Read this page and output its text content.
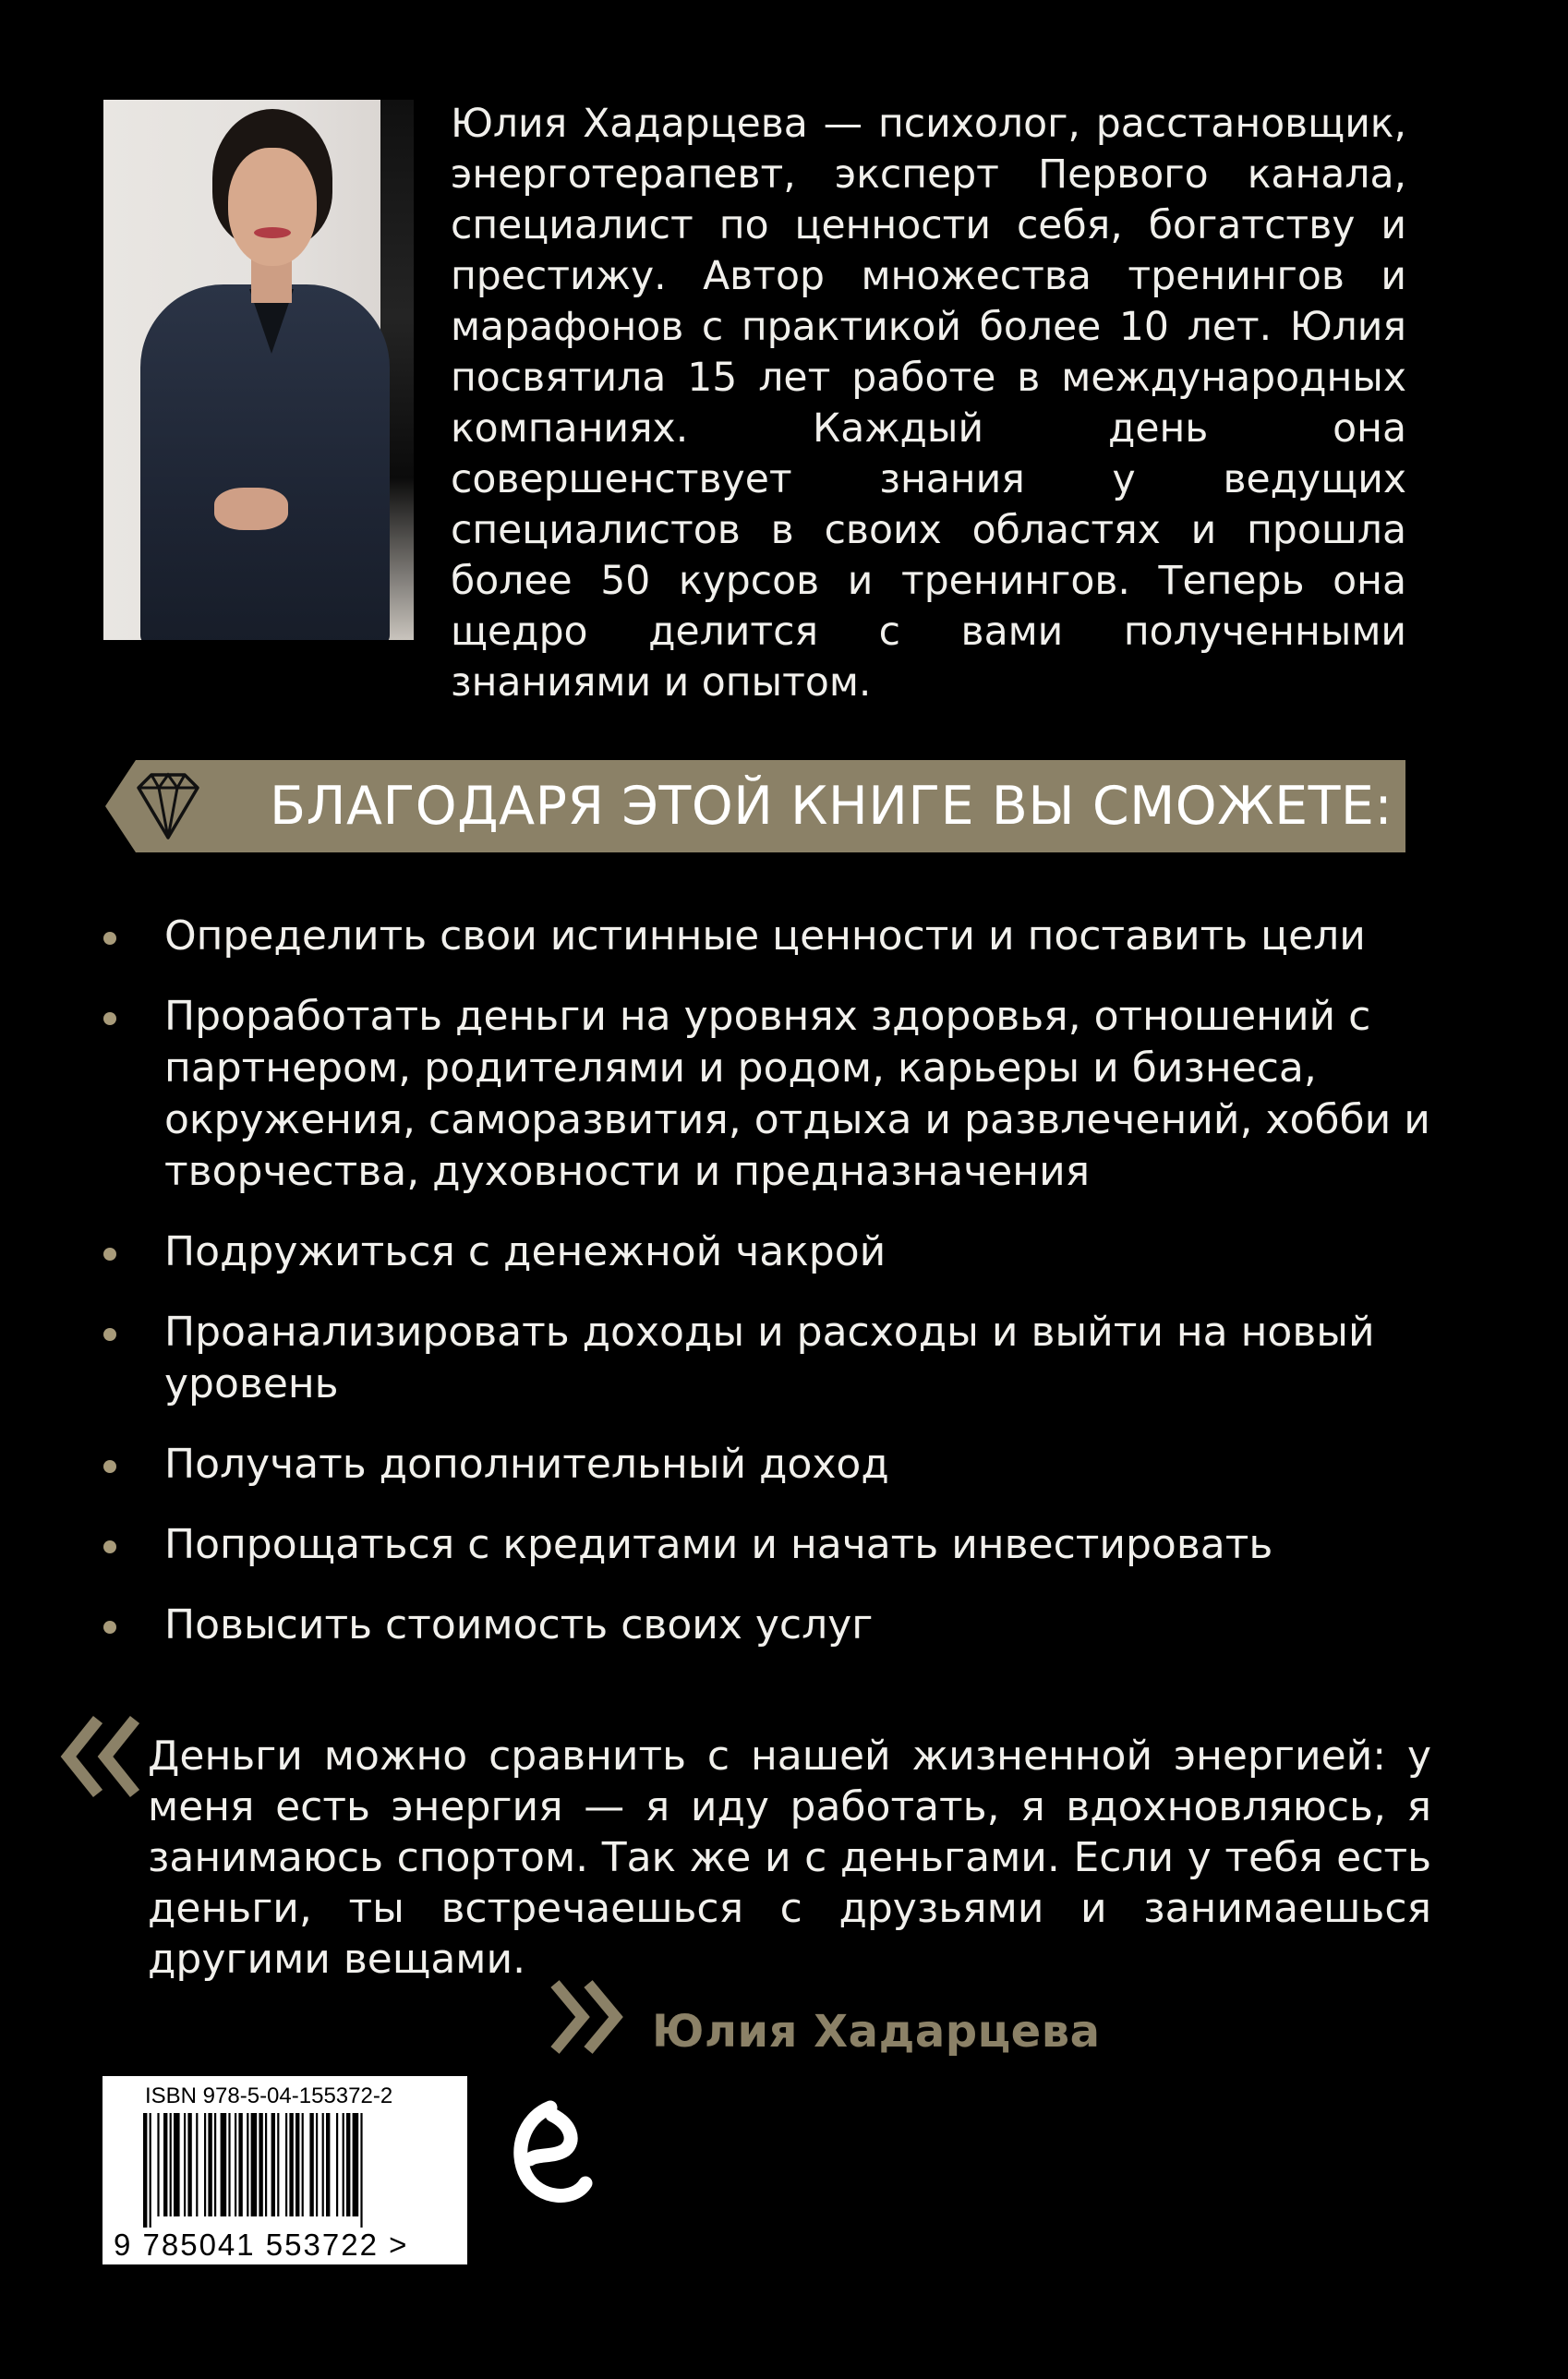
Юлия Хадарцева — психолог, расстановщик, энерготерапевт, эксперт Первого канала, специалист по ценности себя, богатству и престижу. Автор множества тренингов и марафонов с практикой более 10 лет. Юлия посвятила 15 лет работе в международных компаниях. Каждый день она совершенствует знания у ведущих специалистов в своих областях и прошла более 50 курсов и тренингов. Теперь она щедро делится с вами полученными знаниями и опытом.

БЛАГОДАРЯ ЭТОЙ КНИГЕ ВЫ СМОЖЕТЕ:
Определить свои истинные ценности и поставить цели
Проработать деньги на уровнях здоровья, отношений с партнером, родителями и родом, карьеры и бизнеса, окружения, саморазвития, отдыха и развлечений, хобби и творчества, духовности и предназначения
Подружиться с денежной чакрой
Проанализировать доходы и расходы и выйти на новый уровень
Получать дополнительный доход
Попрощаться с кредитами и начать инвестировать
Повысить стоимость своих услуг

Деньги можно сравнить с нашей жизненной энергией: у меня есть энергия — я иду работать, я вдохновляюсь, я занимаюсь спортом. Так же и с деньгами. Если у тебя есть деньги, ты встречаешься с друзьями и занимаешься другими вещами.

Юлия Хадарцева
ISBN 978-5-04-155372-2
9 785041 553722 >
